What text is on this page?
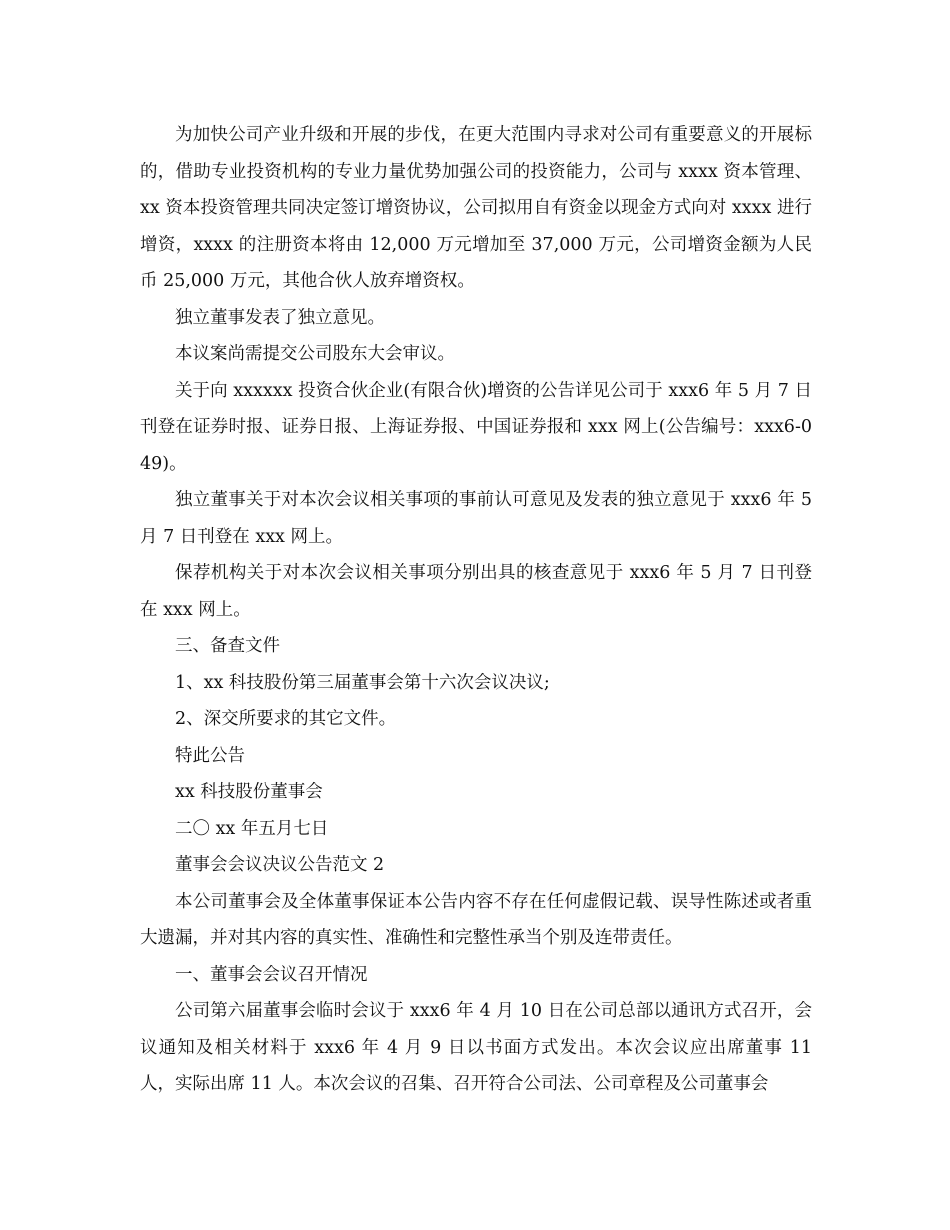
为加快公司产业升级和开展的步伐，在更大范围内寻求对公司有重要意义的开展标的，借助专业投资机构的专业力量优势加强公司的投资能力，公司与 xxxx 资本管理、xx 资本投资管理共同决定签订增资协议，公司拟用自有资金以现金方式向对 xxxx 进行增资，xxxx 的注册资本将由 12,000 万元增加至 37,000 万元，公司增资金额为人民币 25,000 万元，其他合伙人放弃增资权。

独立董事发表了独立意见。

本议案尚需提交公司股东大会审议。

关于向 xxxxxx 投资合伙企业(有限合伙)增资的公告详见公司于 xxx6 年 5 月 7 日刊登在证券时报、证券日报、上海证券报、中国证券报和 xxx 网上(公告编号：xxx6-049)。

独立董事关于对本次会议相关事项的事前认可意见及发表的独立意见于 xxx6 年 5 月 7 日刊登在 xxx 网上。

保荐机构关于对本次会议相关事项分别出具的核查意见于 xxx6 年 5 月 7 日刊登在 xxx 网上。

三、备查文件

1、xx 科技股份第三届董事会第十六次会议决议;

2、深交所要求的其它文件。

特此公告

xx 科技股份董事会

二〇 xx 年五月七日

董事会会议决议公告范文 2

本公司董事会及全体董事保证本公告内容不存在任何虚假记载、误导性陈述或者重大遗漏，并对其内容的真实性、准确性和完整性承当个别及连带责任。

一、董事会会议召开情况

公司第六届董事会临时会议于 xxx6 年 4 月 10 日在公司总部以通讯方式召开，会议通知及相关材料于 xxx6 年 4 月 9 日以书面方式发出。本次会议应出席董事 11 人，实际出席 11 人。本次会议的召集、召开符合公司法、公司章程及公司董事会
